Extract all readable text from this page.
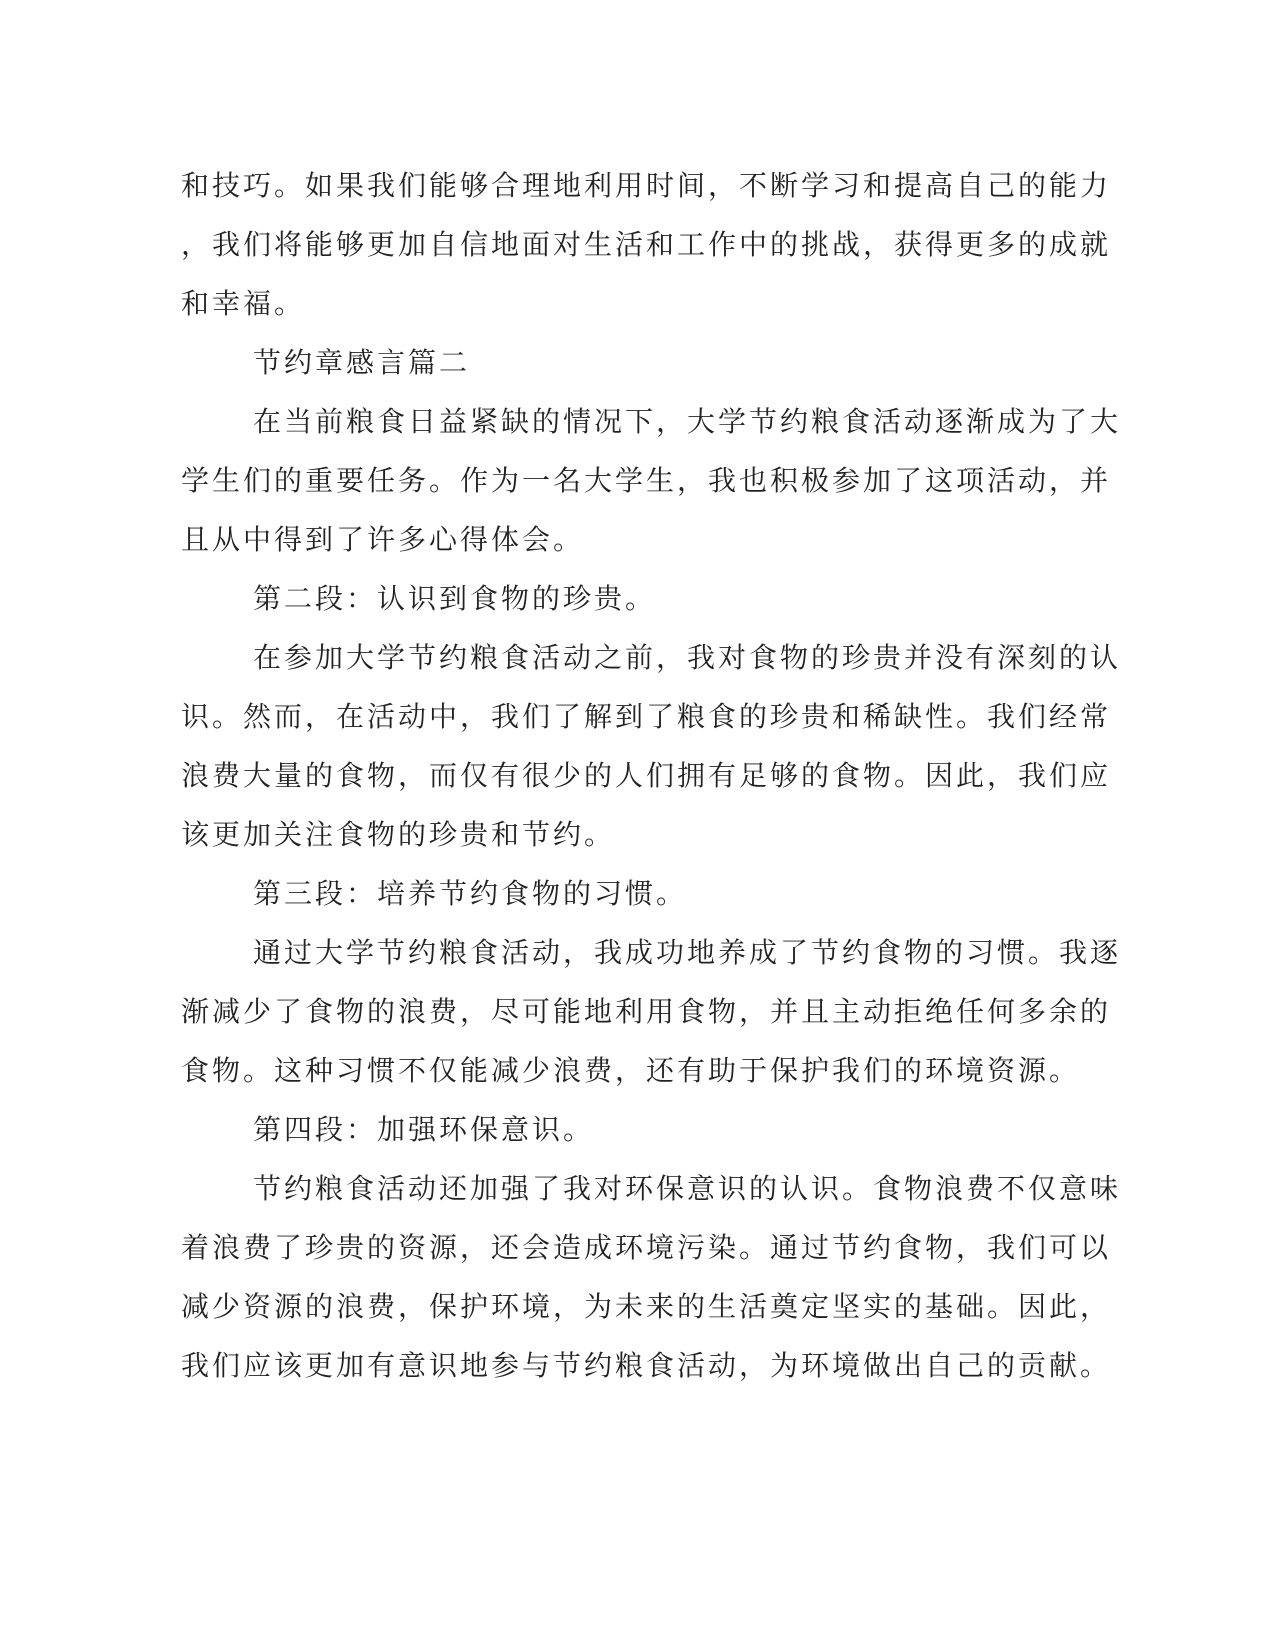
和技巧。如果我们能够合理地利用时间，不断学习和提高自己的能力
，我们将能够更加自信地面对生活和工作中的挑战，获得更多的成就
和幸福。
节约章感言篇二
在当前粮食日益紧缺的情况下，大学节约粮食活动逐渐成为了大
学生们的重要任务。作为一名大学生，我也积极参加了这项活动，并
且从中得到了许多心得体会。
第二段：认识到食物的珍贵。
在参加大学节约粮食活动之前，我对食物的珍贵并没有深刻的认
识。然而，在活动中，我们了解到了粮食的珍贵和稀缺性。我们经常
浪费大量的食物，而仅有很少的人们拥有足够的食物。因此，我们应
该更加关注食物的珍贵和节约。
第三段：培养节约食物的习惯。
通过大学节约粮食活动，我成功地养成了节约食物的习惯。我逐
渐减少了食物的浪费，尽可能地利用食物，并且主动拒绝任何多余的
食物。这种习惯不仅能减少浪费，还有助于保护我们的环境资源。
第四段：加强环保意识。
节约粮食活动还加强了我对环保意识的认识。食物浪费不仅意味
着浪费了珍贵的资源，还会造成环境污染。通过节约食物，我们可以
减少资源的浪费，保护环境，为未来的生活奠定坚实的基础。因此，
我们应该更加有意识地参与节约粮食活动，为环境做出自己的贡献。
